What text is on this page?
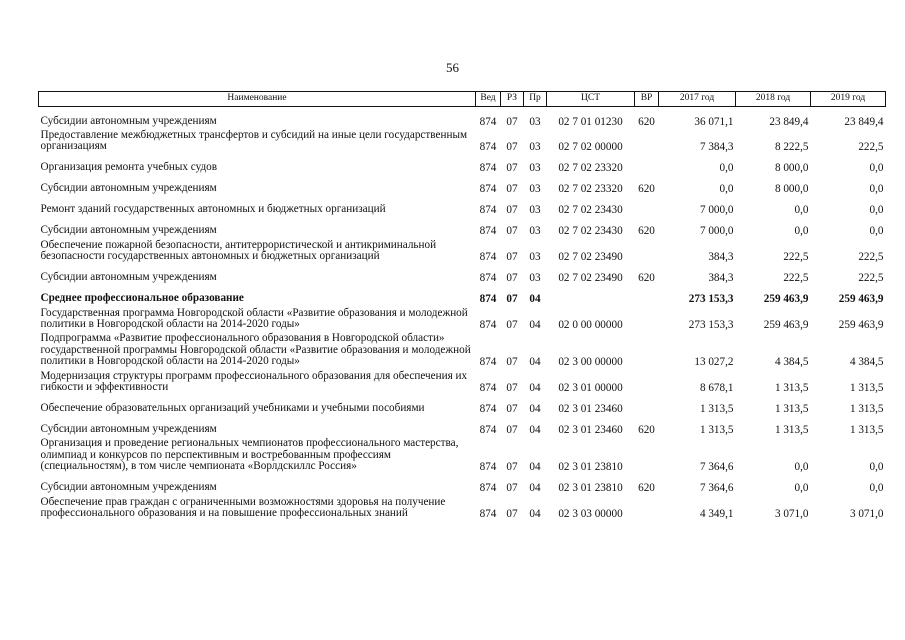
56
Наименование	Вед	РЗ	Пр	ЦСТ	ВР	2017 год	2018 год	2019 год
Субсидии автономным учреждениям	874	07	03	02 7 01 01230	620	36 071,1	23 849,4	23 849,4
Предоставление межбюджетных трансфертов и субсидий на иные цели государственным организациям	874	07	03	02 7 02 00000		7 384,3	8 222,5	222,5
Организация ремонта учебных судов	874	07	03	02 7 02 23320		0,0	8 000,0	0,0
Субсидии автономным учреждениям	874	07	03	02 7 02 23320	620	0,0	8 000,0	0,0
Ремонт зданий государственных автономных и бюджетных организаций	874	07	03	02 7 02 23430		7 000,0	0,0	0,0
Субсидии автономным учреждениям	874	07	03	02 7 02 23430	620	7 000,0	0,0	0,0
Обеспечение пожарной безопасности, антитеррористической и антикриминальной безопасности государственных автономных и бюджетных организаций	874	07	03	02 7 02 23490		384,3	222,5	222,5
Субсидии автономным учреждениям	874	07	03	02 7 02 23490	620	384,3	222,5	222,5
Среднее профессиональное образование	874	07	04			273 153,3	259 463,9	259 463,9
Государственная программа Новгородской области «Развитие образования и молодежной политики в Новгородской области на 2014-2020 годы»	874	07	04	02 0 00 00000		273 153,3	259 463,9	259 463,9
Подпрограмма «Развитие профессионального образования в Новгородской области» государственной программы Новгородской области «Развитие образования и молодежной политики в Новгородской области на 2014-2020 годы»	874	07	04	02 3 00 00000		13 027,2	4 384,5	4 384,5
Модернизация структуры программ профессионального образования для обеспечения их гибкости и эффективности	874	07	04	02 3 01 00000		8 678,1	1 313,5	1 313,5
Обеспечение образовательных организаций учебниками и учебными пособиями	874	07	04	02 3 01 23460		1 313,5	1 313,5	1 313,5
Субсидии автономным учреждениям	874	07	04	02 3 01 23460	620	1 313,5	1 313,5	1 313,5
Организация и проведение региональных чемпионатов профессионального мастерства, олимпиад и конкурсов по перспективным и востребованным профессиям (специальностям), в том числе чемпионата «Ворлдскиллс Россия»	874	07	04	02 3 01 23810		7 364,6	0,0	0,0
Субсидии автономным учреждениям	874	07	04	02 3 01 23810	620	7 364,6	0,0	0,0
Обеспечение прав граждан с ограниченными возможностями здоровья на получение профессионального образования и на повышение профессиональных знаний	874	07	04	02 3 03 00000		4 349,1	3 071,0	3 071,0
